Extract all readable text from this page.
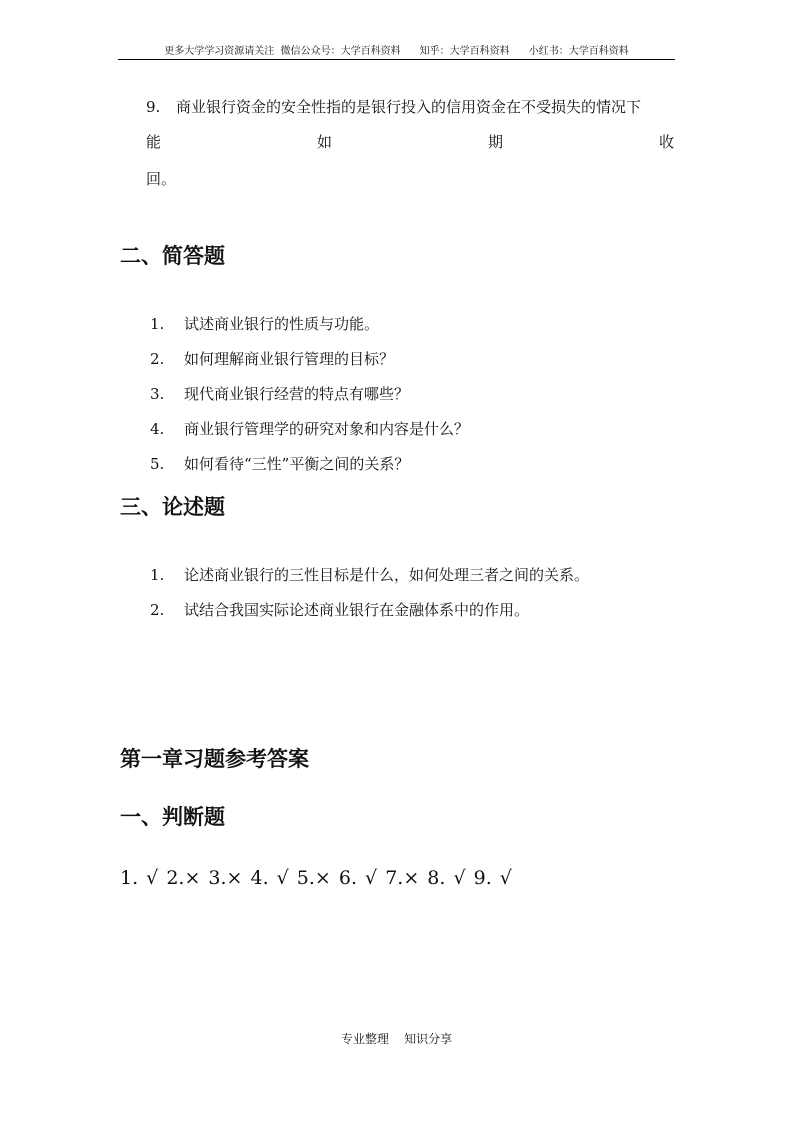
更多大学学习资源请关注  微信公众号：大学百科资料      知乎：大学百科资料      小红书：大学百科资料
9. 商业银行资金的安全性指的是银行投入的信用资金在不受损失的情况下
能	如	期	收
回。
二、简答题
1. 试述商业银行的性质与功能。
2. 如何理解商业银行管理的目标？
3. 现代商业银行经营的特点有哪些？
4. 商业银行管理学的研究对象和内容是什么？
5. 如何看待“三性”平衡之间的关系？
三、论述题
1. 论述商业银行的三性目标是什么，如何处理三者之间的关系。
2. 试结合我国实际论述商业银行在金融体系中的作用。
第一章习题参考答案
一、判断题
1. √ 2.× 3.× 4. √ 5.× 6. √ 7.× 8. √ 9. √
专业整理    知识分享
